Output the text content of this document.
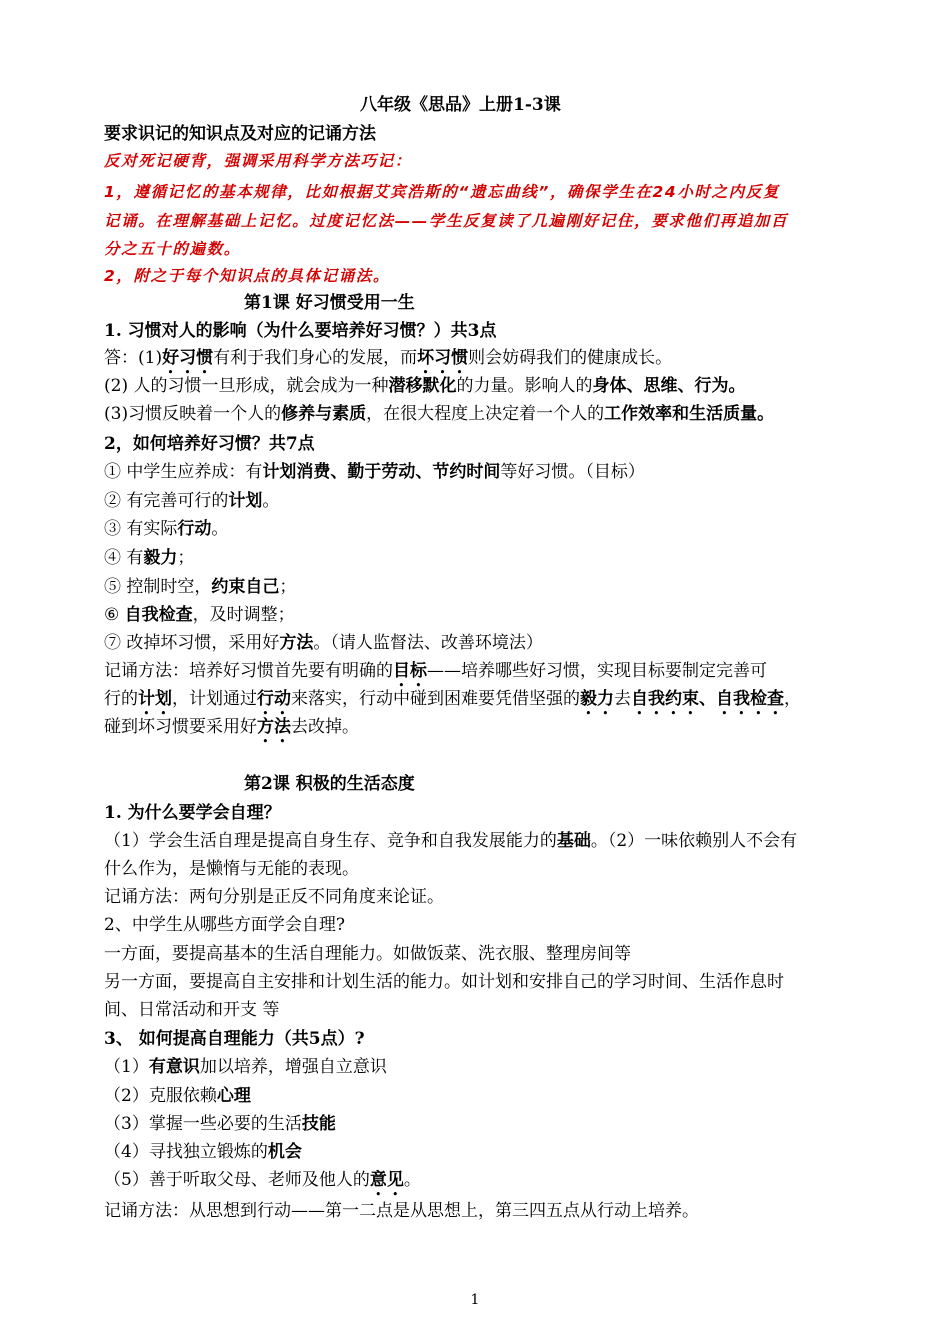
八年级《思品》上册1-3课
要求识记的知识点及对应的记诵方法
反对死记硬背，强调采用科学方法巧记：
1，遵循记忆的基本规律，比如根据艾宾浩斯的“遗忘曲线”，确保学生在24小时之内反复
记诵。在理解基础上记忆。过度记忆法——学生反复读了几遍刚好记住，要求他们再追加百
分之五十的遍数。
2，附之于每个知识点的具体记诵法。
第1课 好习惯受用一生
1. 习惯对人的影响（为什么要培养好习惯？）共3点
答：(1)好习惯有利于我们身心的发展，而坏习惯则会妨碍我们的健康成长。
(2) 人的习惯一旦形成，就会成为一种潜移默化的力量。影响人的身体、思维、行为。
(3)习惯反映着一个人的修养与素质，在很大程度上决定着一个人的工作效率和生活质量。
2，如何培养好习惯？共7点
① 中学生应养成：有计划消费、勤于劳动、节约时间等好习惯。（目标）
② 有完善可行的计划。
③ 有实际行动。
④ 有毅力；
⑤ 控制时空，约束自己；
⑥ 自我检查，及时调整；
⑦ 改掉坏习惯，采用好方法。（请人监督法、改善环境法）
记诵方法：培养好习惯首先要有明确的目标——培养哪些好习惯，实现目标要制定完善可
行的计划，计划通过行动来落实，行动中碰到困难要凭借坚强的毅力去自我约束、自我检查，
碰到坏习惯要采用好方法去改掉。
第2课 积极的生活态度
1. 为什么要学会自理？
（1）学会生活自理是提高自身生存、竞争和自我发展能力的基础。（2）一味依赖别人不会有
什么作为，是懒惰与无能的表现。
记诵方法：两句分别是正反不同角度来论证。
2、中学生从哪些方面学会自理?
一方面，要提高基本的生活自理能力。如做饭菜、洗衣服、整理房间等
另一方面，要提高自主安排和计划生活的能力。如计划和安排自己的学习时间、生活作息时
间、日常活动和开支 等
3、 如何提高自理能力（共5点）?
（1）有意识加以培养，增强自立意识
（2）克服依赖心理
（3）掌握一些必要的生活技能
（4）寻找独立锻炼的机会
（5）善于听取父母、老师及他人的意见。
记诵方法：从思想到行动——第一二点是从思想上，第三四五点从行动上培养。
1
